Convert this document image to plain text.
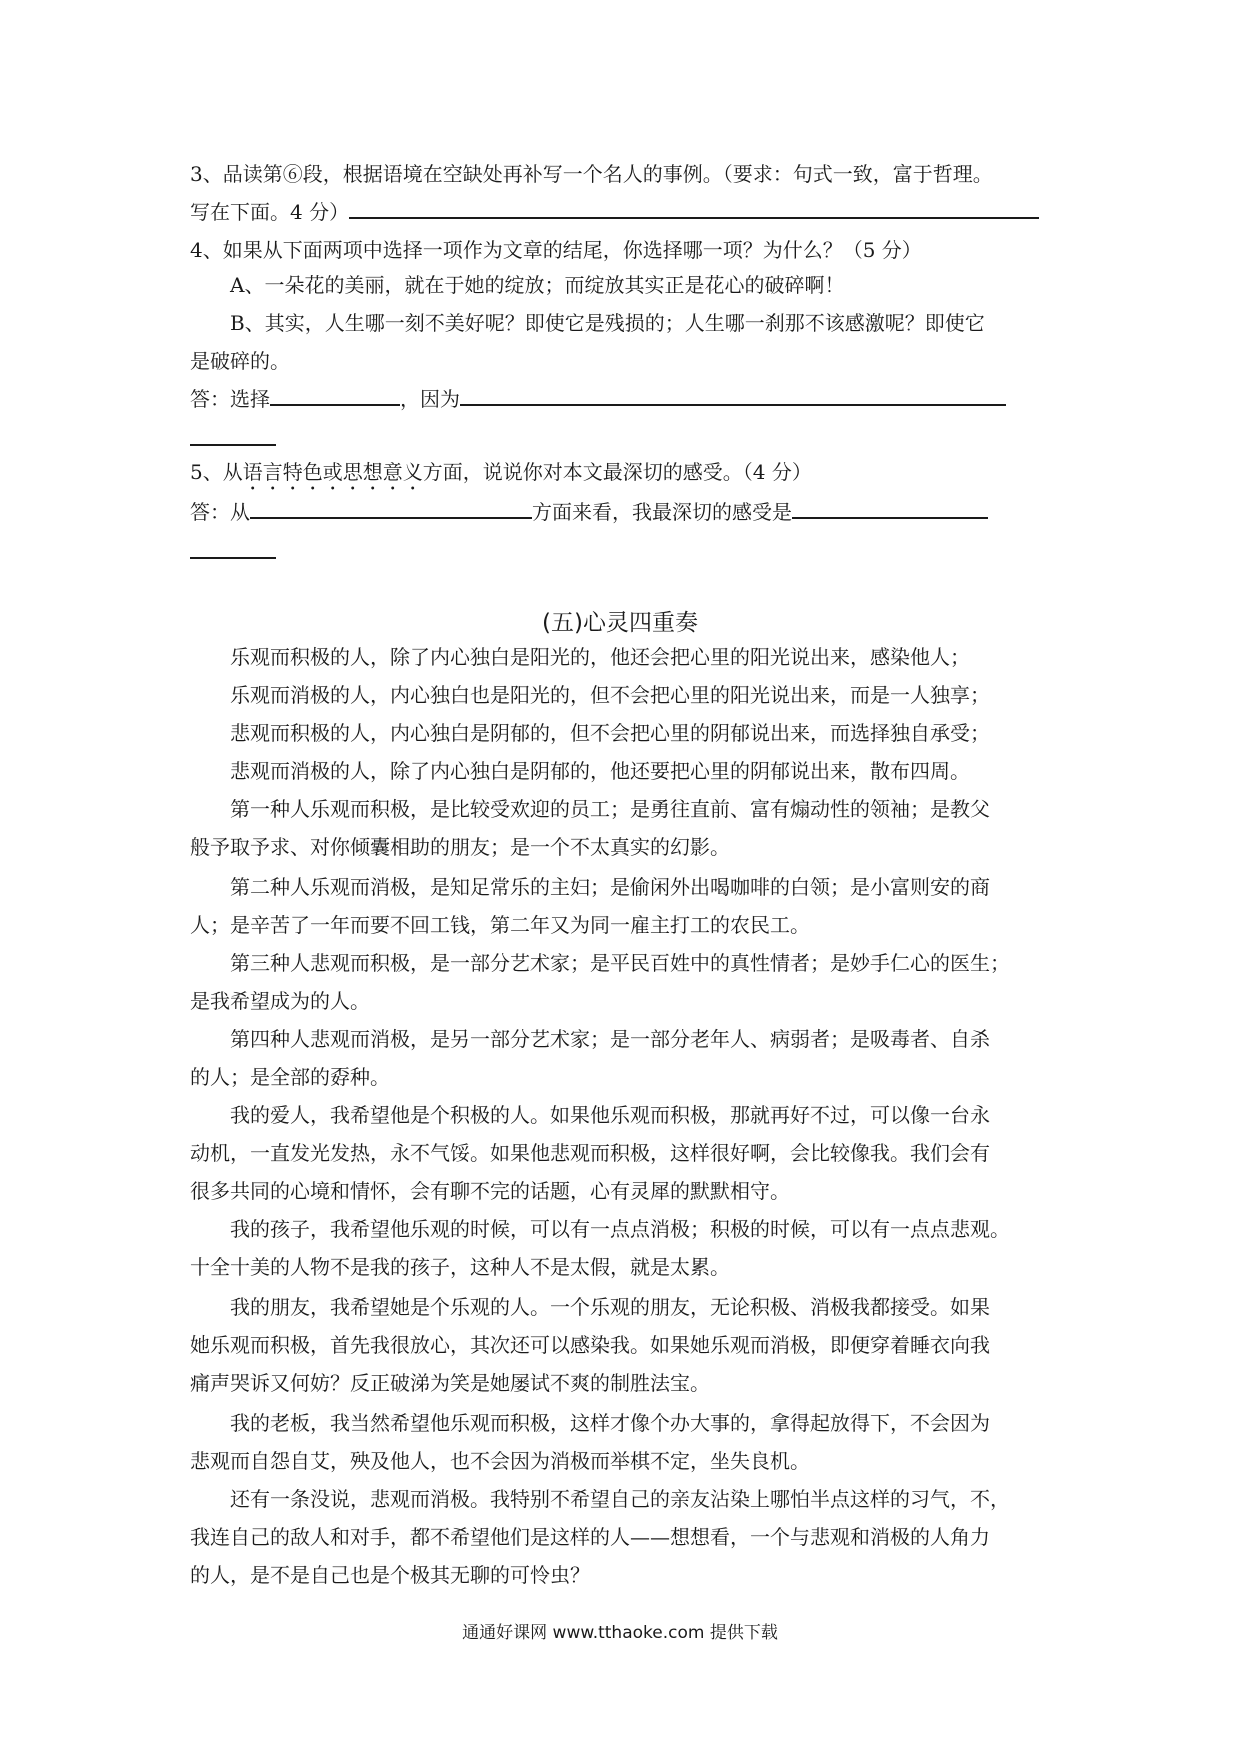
3、品读第⑥段，根据语境在空缺处再补写一个名人的事例。（要求：句式一致，富于哲理。
写在下面。4 分）
4、如果从下面两项中选择一项作为文章的结尾，你选择哪一项？为什么？（5 分）
A、一朵花的美丽，就在于她的绽放；而绽放其实正是花心的破碎啊！
B、其实，人生哪一刻不美好呢？即使它是残损的；人生哪一刹那不该感激呢？即使它
是破碎的。
答：选择	，因为
5、从语言特色或思想意义方面，说说你对本文最深切的感受。（4 分）
答：从	方面来看，我最深切的感受是
(五)心灵四重奏
乐观而积极的人，除了内心独白是阳光的，他还会把心里的阳光说出来，感染他人；
乐观而消极的人，内心独白也是阳光的，但不会把心里的阳光说出来，而是一人独享；
悲观而积极的人，内心独白是阴郁的，但不会把心里的阴郁说出来，而选择独自承受；
悲观而消极的人，除了内心独白是阴郁的，他还要把心里的阴郁说出来，散布四周。
第一种人乐观而积极，是比较受欢迎的员工；是勇往直前、富有煽动性的领袖；是教父
般予取予求、对你倾囊相助的朋友；是一个不太真实的幻影。
第二种人乐观而消极，是知足常乐的主妇；是偷闲外出喝咖啡的白领；是小富则安的商
人；是辛苦了一年而要不回工钱，第二年又为同一雇主打工的农民工。
第三种人悲观而积极，是一部分艺术家；是平民百姓中的真性情者；是妙手仁心的医生；
是我希望成为的人。
第四种人悲观而消极，是另一部分艺术家；是一部分老年人、病弱者；是吸毒者、自杀
的人；是全部的孬种。
我的爱人，我希望他是个积极的人。如果他乐观而积极，那就再好不过，可以像一台永
动机，一直发光发热，永不气馁。如果他悲观而积极，这样很好啊，会比较像我。我们会有
很多共同的心境和情怀，会有聊不完的话题，心有灵犀的默默相守。
我的孩子，我希望他乐观的时候，可以有一点点消极；积极的时候，可以有一点点悲观。
十全十美的人物不是我的孩子，这种人不是太假，就是太累。
我的朋友，我希望她是个乐观的人。一个乐观的朋友，无论积极、消极我都接受。如果
她乐观而积极，首先我很放心，其次还可以感染我。如果她乐观而消极，即便穿着睡衣向我
痛声哭诉又何妨？反正破涕为笑是她屡试不爽的制胜法宝。
我的老板，我当然希望他乐观而积极，这样才像个办大事的，拿得起放得下，不会因为
悲观而自怨自艾，殃及他人，也不会因为消极而举棋不定，坐失良机。
还有一条没说，悲观而消极。我特别不希望自己的亲友沾染上哪怕半点这样的习气，不，
我连自己的敌人和对手，都不希望他们是这样的人——想想看，一个与悲观和消极的人角力
的人，是不是自己也是个极其无聊的可怜虫？
通通好课网 www.tthaoke.com 提供下载
